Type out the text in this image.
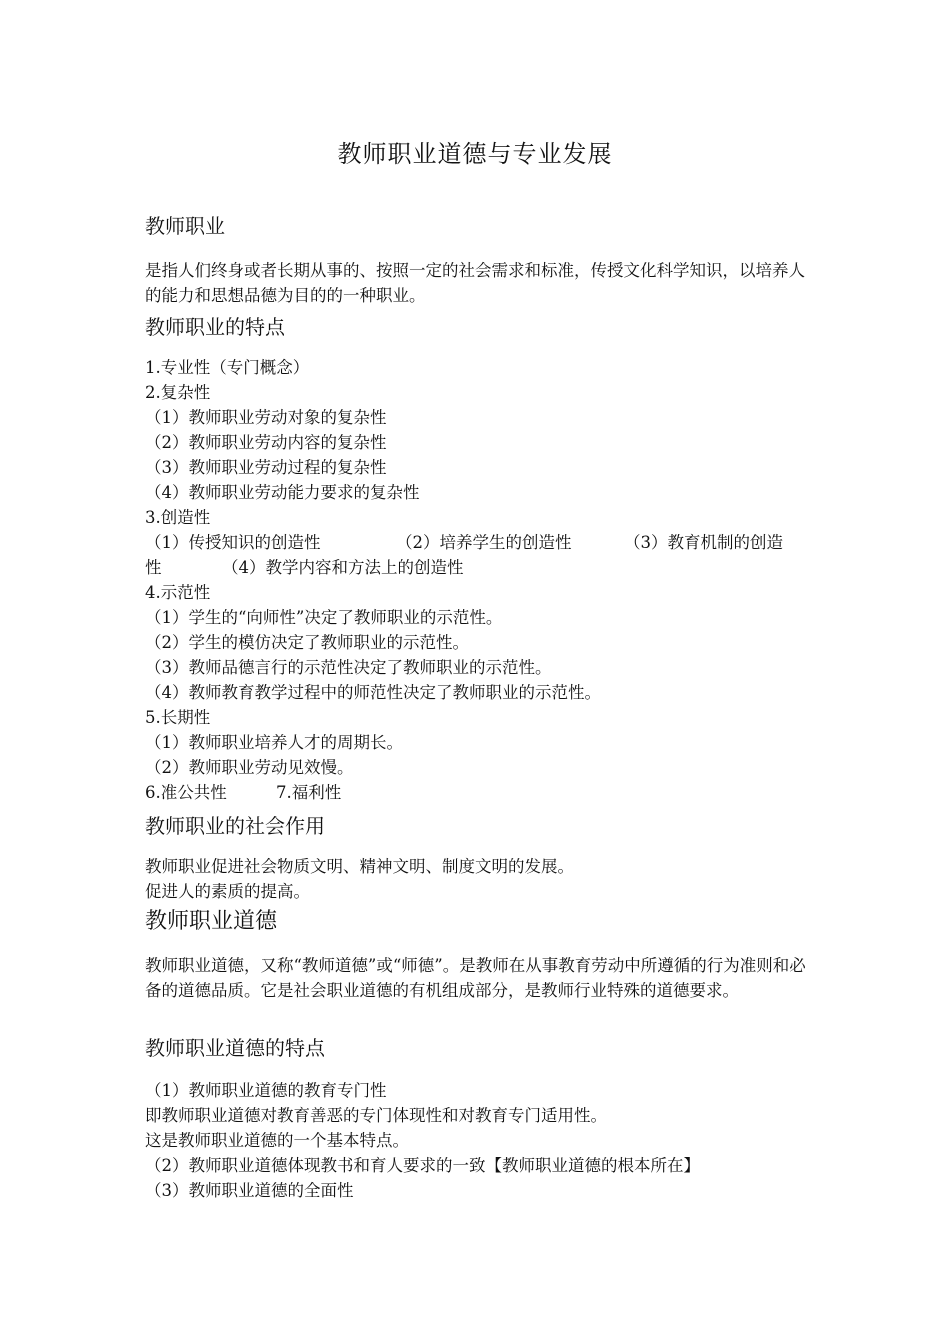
教师职业道德与专业发展
教师职业
是指人们终身或者长期从事的、按照一定的社会需求和标准，传授文化科学知识，以培养人的能力和思想品德为目的的一种职业。
教师职业的特点
1.专业性（专门概念）
2.复杂性
（1）教师职业劳动对象的复杂性
（2）教师职业劳动内容的复杂性
（3）教师职业劳动过程的复杂性
（4）教师职业劳动能力要求的复杂性
3.创造性
（1）传授知识的创造性	（2）培养学生的创造性	（3）教育机制的创造
性	（4）教学内容和方法上的创造性
4.示范性
（1）学生的“向师性”决定了教师职业的示范性。
（2）学生的模仿决定了教师职业的示范性。
（3）教师品德言行的示范性决定了教师职业的示范性。
（4）教师教育教学过程中的师范性决定了教师职业的示范性。
5.长期性
（1）教师职业培养人才的周期长。
（2）教师职业劳动见效慢。
6.准公共性	7.福利性
教师职业的社会作用
教师职业促进社会物质文明、精神文明、制度文明的发展。
促进人的素质的提高。
教师职业道德
教师职业道德，又称“教师道德”或“师德”。是教师在从事教育劳动中所遵循的行为准则和必备的道德品质。它是社会职业道德的有机组成部分，是教师行业特殊的道德要求。
教师职业道德的特点
（1）教师职业道德的教育专门性
即教师职业道德对教育善恶的专门体现性和对教育专门适用性。
这是教师职业道德的一个基本特点。
（2）教师职业道德体现教书和育人要求的一致【教师职业道德的根本所在】
（3）教师职业道德的全面性
